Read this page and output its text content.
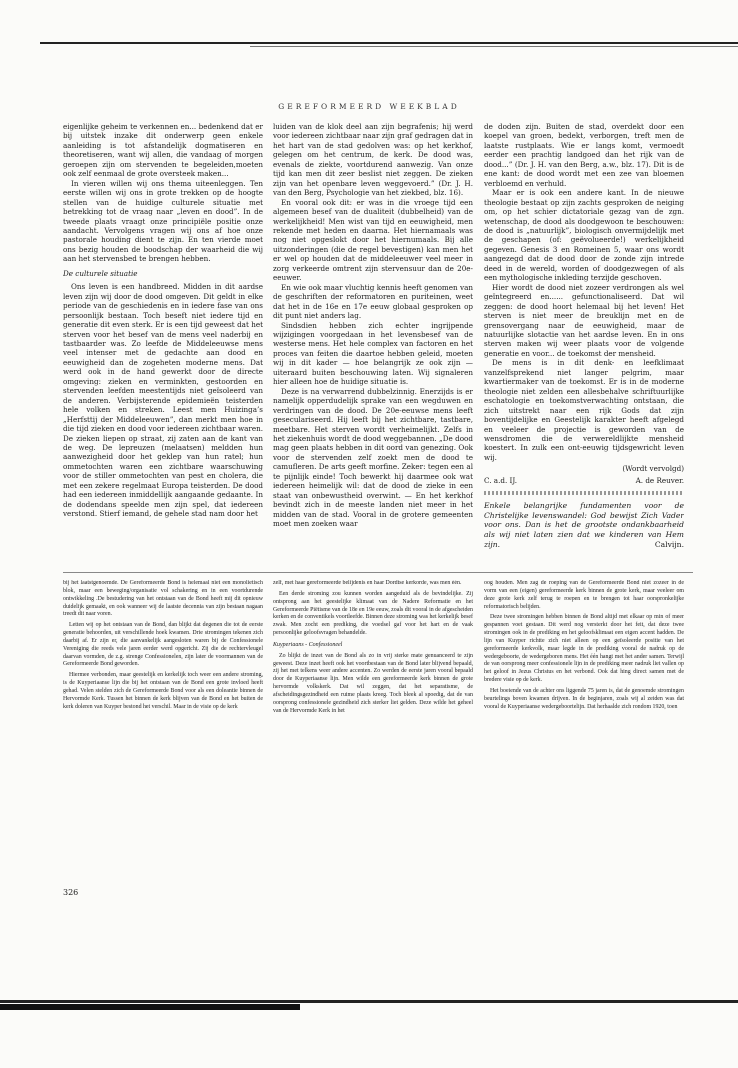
GEREFORMEERD WEEKBLAD

eigenlijke geheim te verkennen en... bedenkend dat er bij uitstek inzake dit onderwerp geen enkele aanleiding is tot afstandelijk dogmatiseren en theoretiseren, want wij allen, die vandaag of morgen geroepen zijn om stervenden te begeleiden,moeten ook zelf eenmaal de grote oversteek maken...

In vieren willen wij ons thema uiteenleggen. Ten eerste willen wij ons in grote trekken op de hoogte stellen van de huidige culturele situatie met betrekking tot de vraag naar „leven en dood”. In de tweede plaats vraagt onze principiële positie onze aandacht. Vervolgens vragen wij ons af hoe onze pastorale houding dient te zijn. En ten vierde moet ons bezig houden de boodschap der waarheid die wij aan het stervensbed te brengen hebben.

De culturele situatie

Ons leven is een handbreed. Midden in dit aardse leven zijn wij door de dood omgeven. Dit geldt in elke periode van de geschiedenis en in iedere fase van ons persoonlijk bestaan. Toch beseft niet iedere tijd en generatie dit even sterk. Er is een tijd geweest dat het sterven voor het besef van de mens veel naderbij en tastbaarder was. Zo leefde de Middeleeuwse mens veel intenser met de gedachte aan dood en eeuwigheid dan de zogeheten moderne mens. Dat werd ook in de hand gewerkt door de directe omgeving: zieken en verminkten, gestoorden en stervenden leefden meestentijds niet geïsoleerd van de anderen. Verbijsterende epidemieën teisterden hele volken en streken. Leest men Huizinga’s „Herfsttij der Middeleeuwen”, dan merkt men hoe in die tijd zieken en dood voor iedereen zichtbaar waren. De zieken liepen op straat, zij zaten aan de kant van de weg. De lepreuzen (melaatsen) meldden hun aanwezigheid door het geklep van hun ratel; hun ommetochten waren een zichtbare waarschuwing voor de stiller ommetochten van pest en cholera, die met een zekere regelmaat Europa teisterden. De dood had een iedereen inmiddellijk aangaande gedaante. In de dodendans speelde men zijn spel, dat iedereen verstond. Stierf iemand, de gehele stad nam door het

luiden van de klok deel aan zijn begrafenis; hij werd voor iedereen zichtbaar naar zijn graf gedragen dat in het hart van de stad gedolven was: op het kerkhof, gelegen om het centrum, de kerk. De dood was, evenals de ziekte, voortdurend aanwezig. Van onze tijd kan men dit zeer beslist niet zeggen. De zieken zijn van het openbare leven weggevoerd.” (Dr. J. H. van den Berg, Psychologie van het ziekbed, blz. 16).

En vooral ook dit: er was in die vroege tijd een algemeen besef van de dualiteit (dubbelheid) van de werkelijkheid! Men wist van tijd en eeuwigheid, men rekende met heden en daarna. Het hiernamaals was nog niet opgeslokt door het hiernumaals. Bij alle uitzonderingen (die de regel bevestigen) kan men het er wel op houden dat de middeleeuwer veel meer in zorg verkeerde omtrent zijn stervensuur dan de 20e-eeuwer.

En wie ook maar vluchtig kennis heeft genomen van de geschriften der reformatoren en puriteinen, weet dat het in de 16e en 17e eeuw globaal gesproken op dit punt niet anders lag.

Sindsdien hebben zich echter ingrijpende wijzigingen voorgedaan in het levensbesef van de westerse mens. Het hele complex van factoren en het proces van feiten die daartoe hebben geleid, moeten wij in dit kader — hoe belangrijk ze ook zijn — uiteraard buiten beschouwing laten. Wij signaleren hier alleen hoe de huidige situatie is.

Deze is na verwarrend dubbelzinnig. Enerzijds is er namelijk opperdudelijk sprake van een wegduwen en verdringen van de dood. De 20e-eeuwse mens leeft geseculariseerd. Hij leeft bij het zichtbare, tastbare, meetbare. Het sterven wordt verheimelijkt. Zelfs in het ziekenhuis wordt de dood weggebannen. „De dood mag geen plaats hebben in dit oord van genezing. Ook voor de stervenden zelf zoekt men de dood te camufleren. De arts geeft morfine. Zeker: tegen een al te pijnlijk einde! Toch bewerkt hij daarmee ook wat iedereen heimelijk wil: dat de dood de zieke in een staat van onbewustheid overwint. — En het kerkhof bevindt zich in de meeste landen niet meer in het midden van de stad. Vooral in de grotere gemeenten moet men zoeken waar

de doden zijn. Buiten de stad, overdekt door een koepel van groen, bedekt, verborgen, treft men de laatste rustplaats. Wie er langs komt, vermoedt eerder een prachtig landgoed dan het rijk van de dood...” (Dr. J. H. van den Berg, a.w., blz. 17). Dit is de ene kant: de dood wordt met een zee van bloemen verbloemd en verhuld.

Maar er is ook een andere kant. In de nieuwe theologie bestaat op zijn zachts gesproken de neiging om, op het schier dictatoriale gezag van de zgn. wetenschap, de dood als doodgewoon te beschouwen: de dood is „natuurlijk”, biologisch onvermijdelijk met de geschapen (of: geëvolueerde!) werkelijkheid gegeven. Genesis 3 en Romeinen 5, waar ons wordt aangezegd dat de dood door de zonde zijn intrede deed in de wereld, worden of doodgezwegen of als een mythologische inkleding terzijde geschoven.

Hier wordt de dood niet zozeer verdrongen als wel geïntegreerd en...... gefunctionaliseerd. Dat wil zeggen: de dood hoort helemaal bij het leven! Het sterven is niet meer de breuklijn met en de grensovergang naar de eeuwigheid, maar de natuurlijke slotactie van het aardse leven. En in ons sterven maken wij weer plaats voor de volgende generatie en voor... de toekomst der mensheid.

De mens is in dit denk- en leefklimaat vanzelfsprekend niet langer pelgrim, maar kwartiermaker van de toekomst. Er is in de moderne theologie niet zelden een allesbehalve schriftuurlijke eschatologie en toekomstverwachting ontstaan, die zich uitstrekt naar een rijk Gods dat zijn boventijdelijke en Geestelijk karakter heeft afgelegd en veeleer de projectie is geworden van de wensdromen die de verwereldlijkte mensheid koestert. In zulk een ont-eeuwig tijdsgewricht leven wij.

(Wordt vervolgd)
C. a.d. IJ.	A. de Reuver.
Enkele belangrijke fundamenten voor de Christelijke levenswandel: God bewijst Zich Vader voor ons. Dan is het de grootste ondankbaarheid als wij niet laten zien dat we kinderen van Hem zijn.	Calvijn.

bij het laatstgenoemde. De Gereformeerde Bond is helemaal niet een monolietisch blok, maar een beweging/organisatie vol schakering en in een voortdurende ontwikkeling .De bestudering van het ontstaan van de Bond heeft mij dit opnieuw duidelijk gemaakt, en ook wanneer wij de laatste decennia van zijn bestaan nagaan treedt dit naar voren.

Letten wij op het ontstaan van de Bond, dan blijkt dat degenen die tot de eerste generatie behoorden, uit verschillende hoek kwamen. Drie stromingen tekenen zich daarbij af. Er zijn er, die aanvankelijk aangesloten waren bij de Confessionele Vereniging die reeds vele jaren eerder werd opgericht. Zij die de rechtervleugel daarvan vormden, de z.g. strenge Confessionelen, zijn later de voormannen van de Gereformeerde Bond geworden.

Hiermee verbonden, maar geestelijk en kerkelijk toch weer een andere stroming, is de Kuyperiaanse lijn die bij het ontstaan van de Bond een grote invloed heeft gehad. Velen stelden zich de Gereformeerde Bond voor als een doleantie binnen de Hervormde Kerk. Tussen het binnen de kerk blijven van de Bond en het buiten de kerk doleren van Kuyper bestond het verschil. Maar in de visie op de kerk

zelf, met haar gereformeerde belijdenis en haar Dordtse kerkorde, was men één.

Een derde stroming zou kunnen worden aangeduid als de bevindelijke. Zij ontsprong aan het geestelijke klimaat van de Nadere Reformatie en het Gereformeerde Piëtisme van de 18e en 19e eeuw, zoals dit vooral in de afgescheiden kerken en de conventikels voortleefde. Binnen deze stroming was het kerkelijk besef zwak. Men zocht een prediking, die voedsel gaf voor het hart en de vaak persoonlijke geloofsvragen behandelde.

Kuyperiaans - Confessioneel

Zo blijkt de inzet van de Bond als zo in vrij sterke mate genuanceerd te zijn geweest. Deze inzet heeft ook het voortbestaan van de Bond later blijvend bepaald, zij het met telkens weer andere accenten. Zo werden de eerste jaren vooral bepaald door de Kuyperiaanse lijn. Men wilde een gereformeerde kerk binnen de grote hervormde volkskerk. Dat wil zeggen, dat het separatisme, de afscheidingsgezindheid een ruime plaats kreeg. Toch bleek al spoedig, dat de van oorsprong confessionele gezindheid zich sterker liet gelden. Deze wilde het geheel van de Hervormde Kerk in het

oog houden. Men zag de roeping van de Gereformeerde Bond niet zozeer in de vorm van een (eigen) gereformeerde kerk binnen de grote kerk, maar veeleer om deze grote kerk zelf terug te roepen en te brengen tot haar oorspronkelijke reformatorisch belijden.

Deze twee stromingen hebben binnen de Bond altijd met elkaar op min of meer gespannen voet gestaan. Dit werd nog versterkt door het feit, dat deze twee stromingen ook in de prediking en het geloofsklimaat een eigen accent hadden. De lijn van Kuyper richtte zich niet alleen op een geïsoleerde positie van het gereformeerde kerkvolk, maar legde in de prediking vooral de nadruk op de wedergeboorte, de wedergeboren mens. Het één hangt met het ander samen. Terwijl de van oorsprong meer confessionele lijn in de prediking meer nadruk liet vallen op het geloof in Jezus Christus en het verbond. Ook dat hing direct samen met de bredere visie op de kerk.

Het boeiende van de achter ons liggende 75 jaren is, dat de genoemde stromingen beurtelings boven kwamen drijven. In de beginjaren, zoals wij al zeiden was dat vooral de Kuyperiaanse wedergeboortelijn. Dat herhaalde zich rondom 1920, toen

326
